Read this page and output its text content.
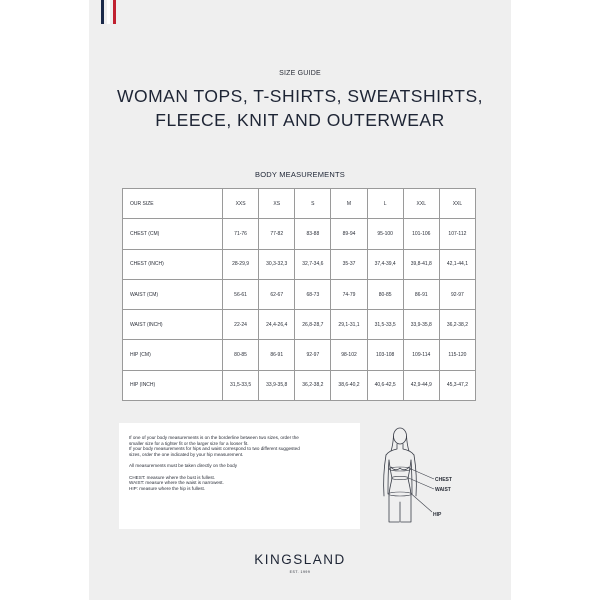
SIZE GUIDE
WOMAN TOPS, T-SHIRTS, SWEATSHIRTS,
FLEECE, KNIT AND OUTERWEAR
BODY MEASUREMENTS
OUR SIZE	XXS	XS	S	M	L	XXL	XXL
CHEST (CM)	71-76	77-82	83-88	89-94	95-100	101-106	107-112
CHEST (INCH)	28-29,9	30,3-32,3	32,7-34,6	35-37	37,4-39,4	39,8-41,8	42,1-44,1
WAIST (CM)	56-61	62-67	68-73	74-79	80-85	86-91	92-97
WAIST (INCH)	22-24	24,4-26,4	26,8-28,7	29,1-31,1	31,5-33,5	33,9-35,8	36,2-38,2
HIP (CM)	80-85	86-91	92-97	98-102	103-108	109-114	115-120
HIP (INCH)	31,5-33,5	33,9-35,8	36,2-38,2	38,6-40,2	40,6-42,5	42,9-44,9	45,3-47,2

If one of your body measurements is on the borderline between two sizes, order the

smaller size for a tighter fit or the larger size for a looser fit.

If your body measurements for hips and waist correspond to two different suggested

sizes, order the one indicated by your hip measurement.

All measurements must be taken directly on the body

CHEST: measure where the bust is fullest.

WAIST: measure where the waist is narrowest.

HIP: measure where the hip is fullest.

CHEST
WAIST
HIP
KINGSLAND
EST. 1999
